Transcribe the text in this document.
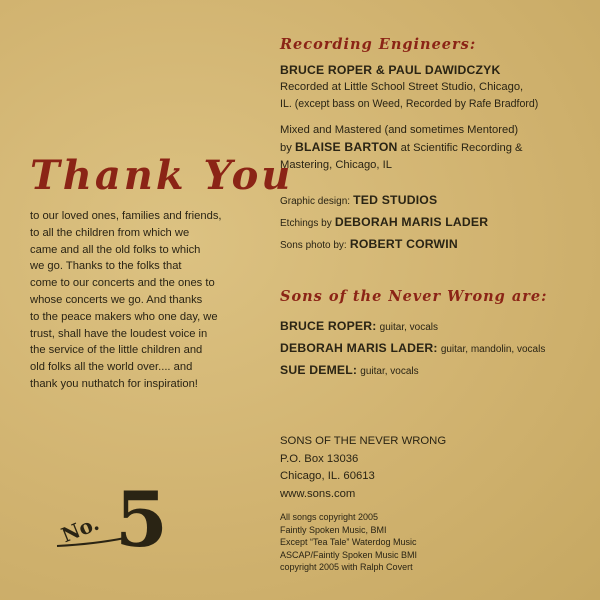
Thank You

to our loved ones, families and friends,

to all the children from which we

came and all the old folks to which

we go. Thanks to the folks that

come to our concerts and the ones to

whose concerts we go. And thanks

to the peace makers who one day, we

trust, shall have the loudest voice in

the service of the little children and

old folks all the world over.... and

thank you nuthatch for inspiration!

No. 5
Recording Engineers:
BRUCE ROPER & PAUL DAWIDCZYK
Recorded at Little School Street Studio, Chicago,
IL. (except bass on Weed, Recorded by Rafe Bradford)
Mixed and Mastered (and sometimes Mentored)
by BLAISE BARTON at Scientific Recording &
Mastering, Chicago, IL
Graphic design: TED STUDIOS
Etchings by DEBORAH MARIS LADER
Sons photo by: ROBERT CORWIN
Sons of the Never Wrong are:
BRUCE ROPER: guitar, vocals
DEBORAH MARIS LADER: guitar, mandolin, vocals
SUE DEMEL: guitar, vocals
SONS OF THE NEVER WRONG
P.O. Box 13036
Chicago, IL. 60613
www.sons.com
All songs copyright 2005
Faintly Spoken Music, BMI
Except “Tea Tale” Waterdog Music
ASCAP/Faintly Spoken Music BMI
copyright 2005 with Ralph Covert
